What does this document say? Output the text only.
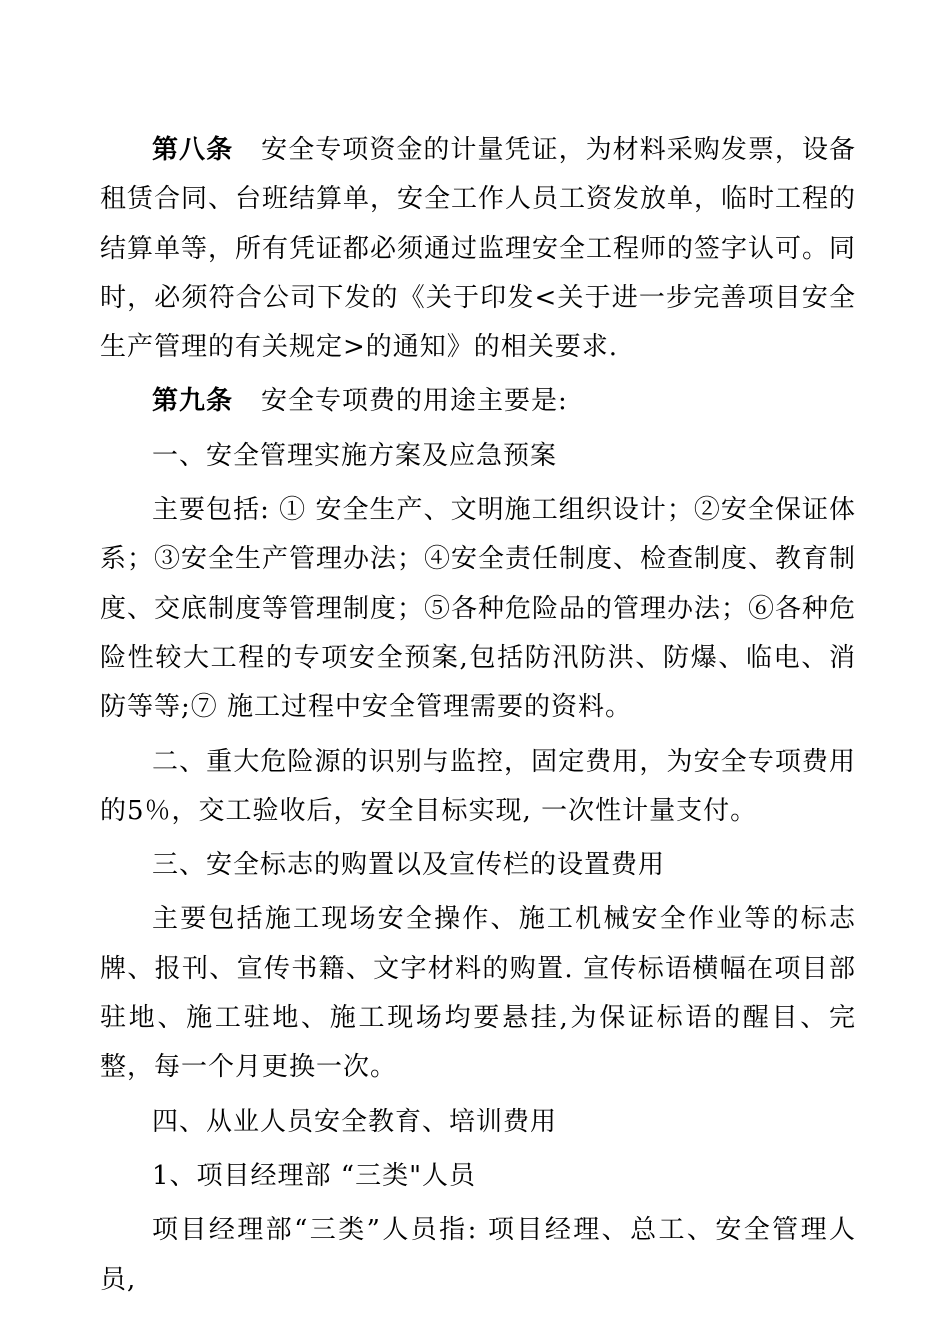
第八条 安全专项资金的计量凭证，为材料采购发票，设备租赁合同、台班结算单，安全工作人员工资发放单，临时工程的结算单等，所有凭证都必须通过监理安全工程师的签字认可。同时，必须符合公司下发的《关于印发<关于进一步完善项目安全生产管理的有关规定>的通知》的相关要求.

第九条 安全专项费的用途主要是:

一、安全管理实施方案及应急预案

主要包括: ① 安全生产、文明施工组织设计；②安全保证体系；③安全生产管理办法；④安全责任制度、检查制度、教育制度、交底制度等管理制度；⑤各种危险品的管理办法；⑥各种危险性较大工程的专项安全预案,包括防汛防洪、防爆、临电、消防等等;⑦ 施工过程中安全管理需要的资料。

二、重大危险源的识别与监控，固定费用，为安全专项费用的5％，交工验收后，安全目标实现, 一次性计量支付。

三、安全标志的购置以及宣传栏的设置费用

主要包括施工现场安全操作、施工机械安全作业等的标志牌、报刊、宣传书籍、文字材料的购置. 宣传标语横幅在项目部驻地、施工驻地、施工现场均要悬挂,为保证标语的醒目、完整，每一个月更换一次。

四、从业人员安全教育、培训费用

1、项目经理部 “三类"人员

项目经理部“三类”人员指: 项目经理、总工、安全管理人员,
